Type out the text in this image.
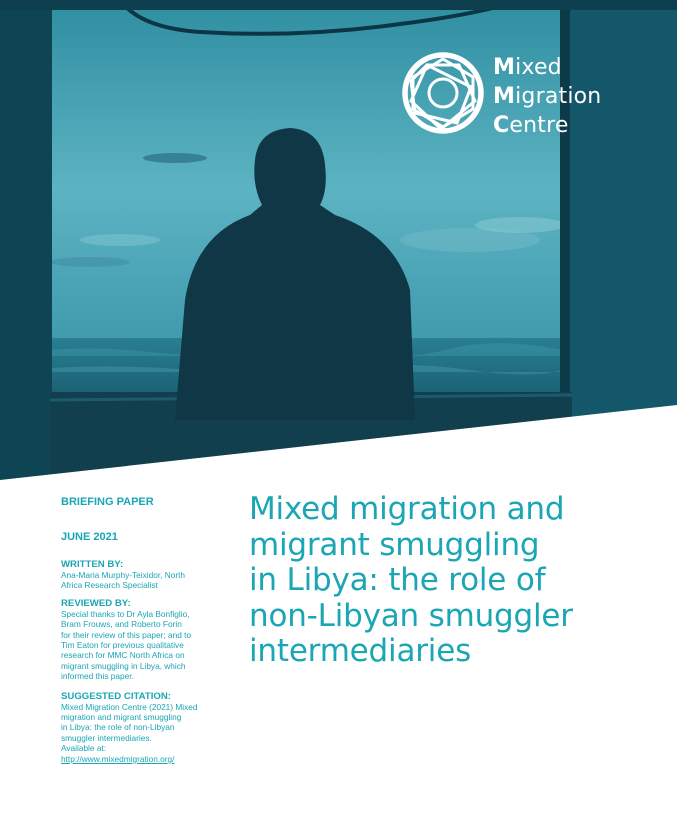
Mixed
Migration
Centre
BRIEFING PAPER
JUNE 2021
WRITTEN BY:
Ana-Maria Murphy-Teixidor, North
Africa Research Specialist
REVIEWED BY:
Special thanks to Dr Ayla Bonfiglio,
Bram Frouws, and Roberto Forin
for their review of this paper; and to
Tim Eaton for previous qualitative
research for MMC North Africa on
migrant smuggling in Libya, which
informed this paper.
SUGGESTED CITATION:
Mixed Migration Centre (2021) Mixed
migration and migrant smuggling
in Libya: the role of non-Libyan
smuggler intermediaries.
Available at:
http://www.mixedmigration.org/
Mixed migration and
migrant smuggling
in Libya: the role of
non-Libyan smuggler
intermediaries
